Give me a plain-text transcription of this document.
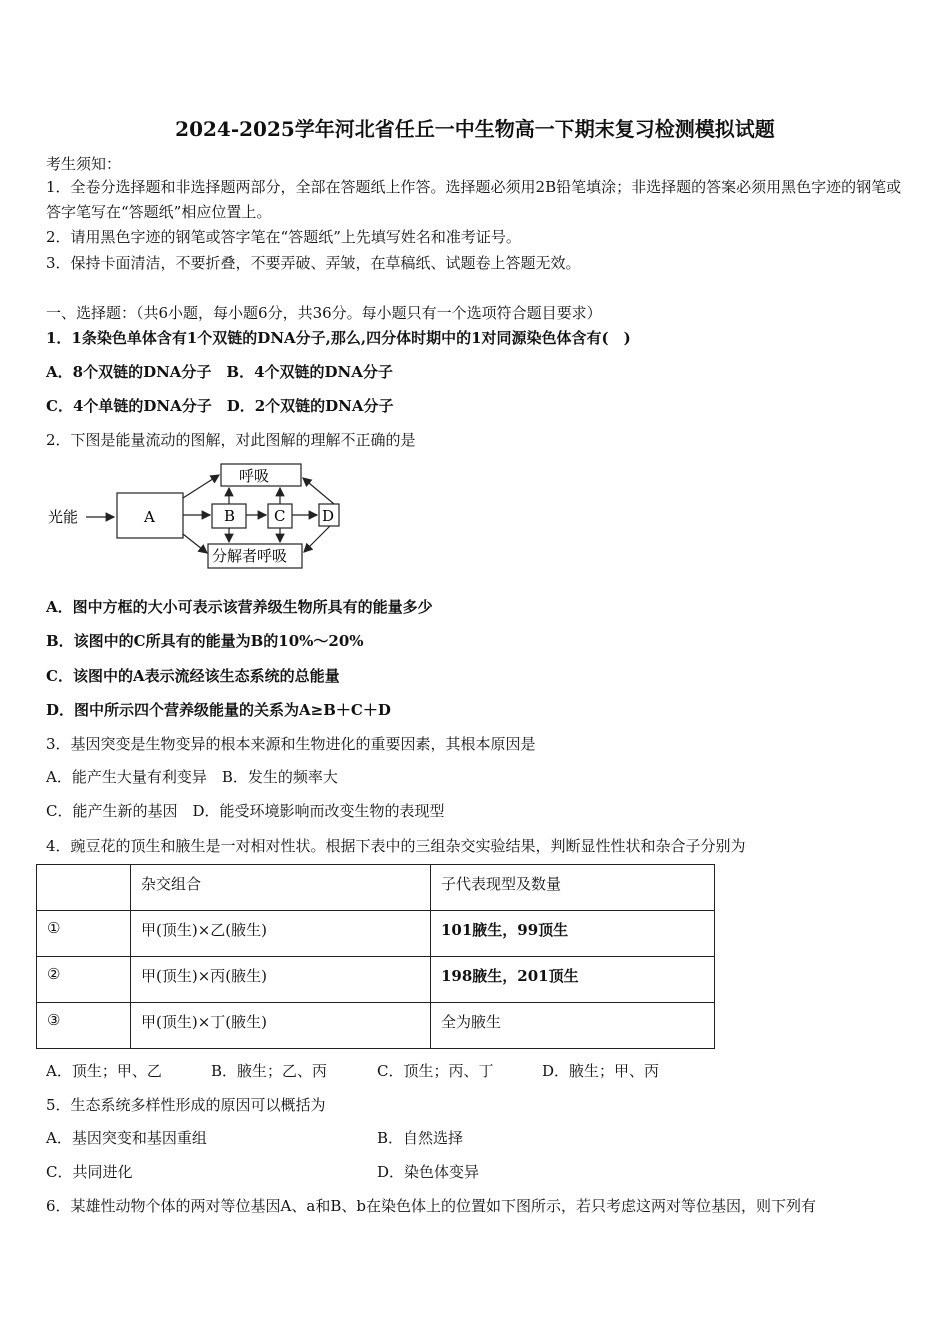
2024-2025学年河北省任丘一中生物高一下期末复习检测模拟试题
考生须知：
1．全卷分选择题和非选择题两部分，全部在答题纸上作答。选择题必须用2B铅笔填涂；非选择题的答案必须用黑色字迹的钢笔或答字笔写在“答题纸”相应位置上。
2．请用黑色字迹的钢笔或答字笔在“答题纸”上先填写姓名和准考证号。
3．保持卡面清洁，不要折叠，不要弄破、弄皱，在草稿纸、试题卷上答题无效。
一、选择题：（共6小题，每小题6分，共36分。每小题只有一个选项符合题目要求）
1．1条染色单体含有1个双链的DNA分子,那么,四分体时期中的1对同源染色体含有(　)
A．8个双链的DNA分子　B．4个双链的DNA分子
C．4个单链的DNA分子　D．2个双链的DNA分子
2．下图是能量流动的图解，对此图解的理解不正确的是
光能	A	B	C D
呼吸
分解者呼吸
A．图中方框的大小可表示该营养级生物所具有的能量多少
B．该图中的C所具有的能量为B的10%～20%
C．该图中的A表示流经该生态系统的总能量
D．图中所示四个营养级能量的关系为A≥B＋C＋D
3．基因突变是生物变异的根本来源和生物进化的重要因素，其根本原因是
A．能产生大量有利变异　B．发生的频率大
C．能产生新的基因　D．能受环境影响而改变生物的表现型
4．豌豆花的顶生和腋生是一对相对性状。根据下表中的三组杂交实验结果，判断显性性状和杂合子分别为
	杂交组合	子代表现型及数量
①	甲(顶生)×乙(腋生)	101腋生，99顶生
②	甲(顶生)×丙(腋生)	198腋生，201顶生
③	甲(顶生)×丁(腋生)	全为腋生
A．顶生；甲、乙	B．腋生；乙、丙	C．顶生；丙、丁	D．腋生；甲、丙
5．生态系统多样性形成的原因可以概括为
A．基因突变和基因重组	B．自然选择
C．共同进化	D．染色体变异
6．某雄性动物个体的两对等位基因A、a和B、b在染色体上的位置如下图所示，若只考虑这两对等位基因，则下列有
